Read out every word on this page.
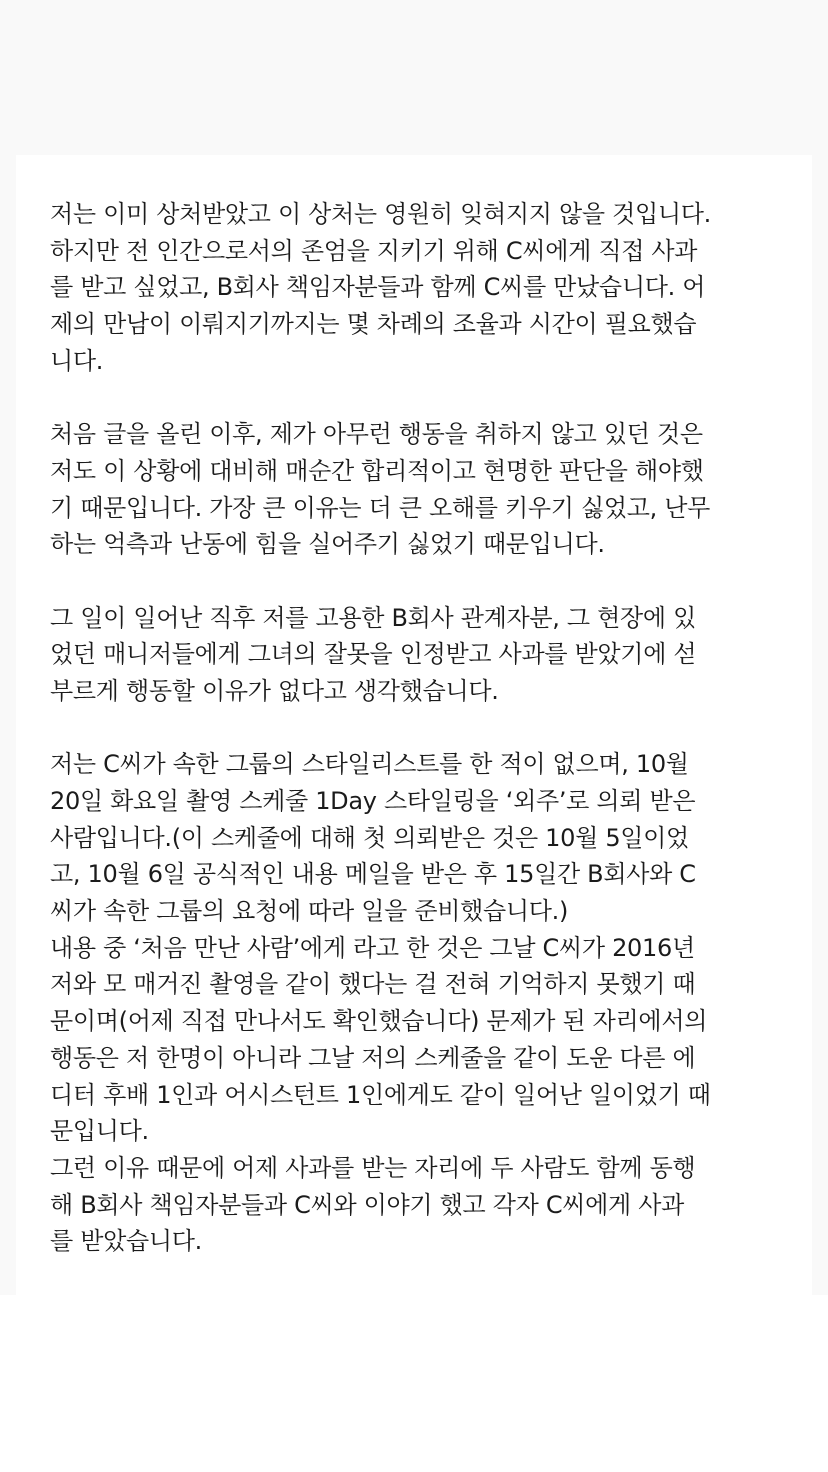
저는 이미 상처받았고 이 상처는 영원히 잊혀지지 않을 것입니다.
하지만 전 인간으로서의 존엄을 지키기 위해 C씨에게 직접 사과
를 받고 싶었고, B회사 책임자분들과 함께 C씨를 만났습니다. 어
제의 만남이 이뤄지기까지는 몇 차례의 조율과 시간이 필요했습
니다.
처음 글을 올린 이후, 제가 아무런 행동을 취하지 않고 있던 것은
저도 이 상황에 대비해 매순간 합리적이고 현명한 판단을 해야했
기 때문입니다. 가장 큰 이유는 더 큰 오해를 키우기 싫었고, 난무
하는 억측과 난동에 힘을 실어주기 싫었기 때문입니다.
그 일이 일어난 직후 저를 고용한 B회사 관계자분, 그 현장에 있
었던 매니저들에게 그녀의 잘못을 인정받고 사과를 받았기에 섣
부르게 행동할 이유가 없다고 생각했습니다.
저는 C씨가 속한 그룹의 스타일리스트를 한 적이 없으며, 10월
20일 화요일 촬영 스케줄 1Day 스타일링을 ‘외주’로 의뢰 받은
사람입니다.(이 스케줄에 대해 첫 의뢰받은 것은 10월 5일이었
고, 10월 6일 공식적인 내용 메일을 받은 후 15일간 B회사와 C
씨가 속한 그룹의 요청에 따라 일을 준비했습니다.)
내용 중 ‘처음 만난 사람’에게 라고 한 것은 그날 C씨가 2016년
저와 모 매거진 촬영을 같이 했다는 걸 전혀 기억하지 못했기 때
문이며(어제 직접 만나서도 확인했습니다) 문제가 된 자리에서의
행동은 저 한명이 아니라 그날 저의 스케줄을 같이 도운 다른 에
디터 후배 1인과 어시스턴트 1인에게도 같이 일어난 일이었기 때
문입니다.
그런 이유 때문에 어제 사과를 받는 자리에 두 사람도 함께 동행
해 B회사 책임자분들과 C씨와 이야기 했고 각자 C씨에게 사과
를 받았습니다.
